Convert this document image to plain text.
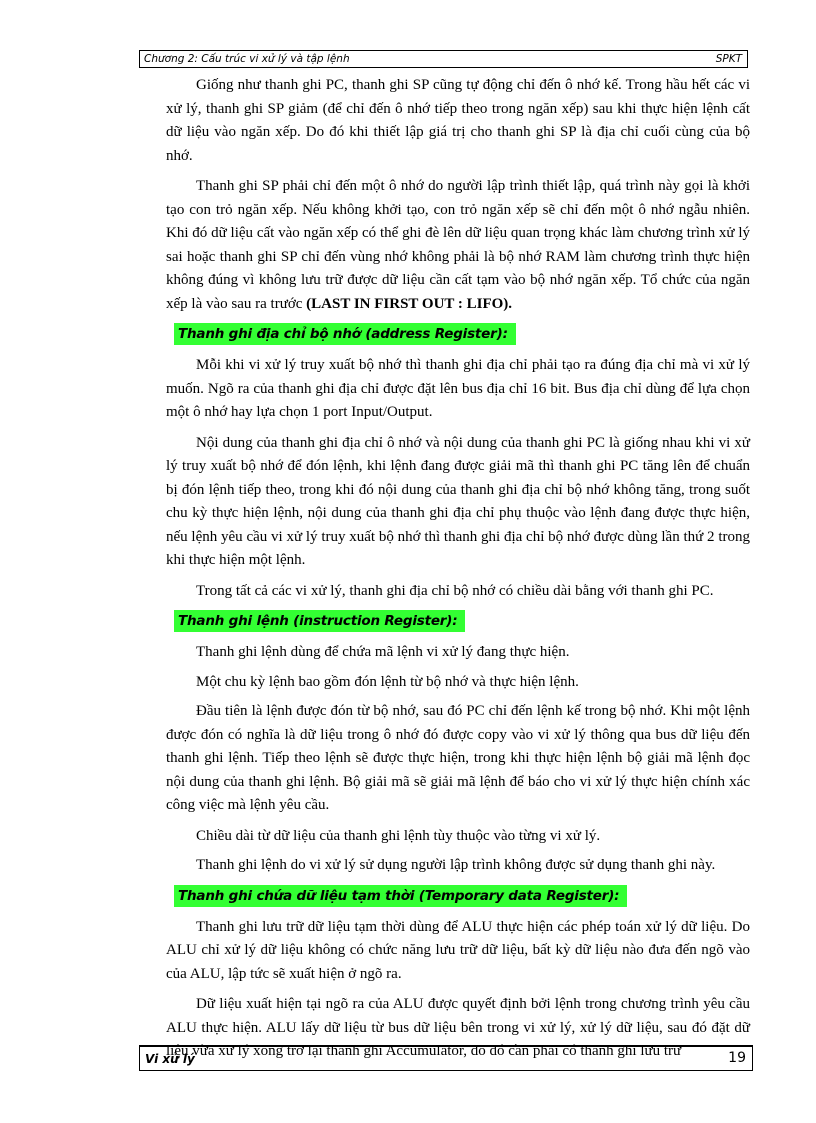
Chương 2: Cấu trúc vi xử lý và tập lệnh	SPKT

Giống như thanh ghi PC, thanh ghi SP cũng tự động chỉ đến ô nhớ kế. Trong hầu hết các vi xử lý, thanh ghi SP giảm (để chỉ đến ô nhớ tiếp theo trong ngăn xếp) sau khi thực hiện lệnh cất dữ liệu vào ngăn xếp. Do đó khi thiết lập giá trị cho thanh ghi SP là địa chỉ cuối cùng của bộ nhớ.

Thanh ghi SP phải chỉ đến một ô nhớ do người lập trình thiết lập, quá trình này gọi là khởi tạo con trỏ ngăn xếp. Nếu không khởi tạo, con trỏ ngăn xếp sẽ chỉ đến một ô nhớ ngẫu nhiên. Khi đó dữ liệu cất vào ngăn xếp có thể ghi đè lên dữ liệu quan trọng khác làm chương trình xử lý sai hoặc thanh ghi SP chỉ đến vùng nhớ không phải là bộ nhớ RAM làm chương trình thực hiện không đúng vì không lưu trữ được dữ liệu cần cất tạm vào bộ nhớ ngăn xếp. Tổ chức của ngăn xếp là vào sau ra trước (LAST IN FIRST OUT : LIFO).

Thanh ghi địa chỉ bộ nhớ (address Register):

Mỗi khi vi xử lý truy xuất bộ nhớ thì thanh ghi địa chỉ phải tạo ra đúng địa chỉ mà vi xử lý muốn. Ngõ ra của thanh ghi địa chỉ được đặt lên bus địa chỉ 16 bit. Bus địa chỉ dùng để lựa chọn một ô nhớ hay lựa chọn 1 port Input/Output.

Nội dung của thanh ghi địa chỉ ô nhớ và nội dung của thanh ghi PC là giống nhau khi vi xử lý truy xuất bộ nhớ để đón lệnh, khi lệnh đang được giải mã thì thanh ghi PC tăng lên để chuẩn bị đón lệnh tiếp theo, trong khi đó nội dung của thanh ghi địa chỉ bộ nhớ không tăng, trong suốt chu kỳ thực hiện lệnh, nội dung của thanh ghi địa chỉ phụ thuộc vào lệnh đang được thực hiện, nếu lệnh yêu cầu vi xử lý truy xuất bộ nhớ thì thanh ghi địa chỉ bộ nhớ được dùng lần thứ 2 trong khi thực hiện một lệnh.

Trong tất cả các vi xử lý, thanh ghi địa chỉ bộ nhớ có chiều dài bằng với thanh ghi PC.

Thanh ghi lệnh (instruction Register):

Thanh ghi lệnh dùng để chứa mã lệnh vi xử lý đang thực hiện.

Một chu kỳ lệnh bao gồm đón lệnh từ bộ nhớ và thực hiện lệnh.

Đầu tiên là lệnh được đón từ bộ nhớ, sau đó PC chỉ đến lệnh kế trong bộ nhớ. Khi một lệnh được đón có nghĩa là dữ liệu trong ô nhớ đó được copy vào vi xử lý thông qua bus dữ liệu đến thanh ghi lệnh. Tiếp theo lệnh sẽ được thực hiện, trong khi thực hiện lệnh bộ giải mã lệnh đọc nội dung của thanh ghi lệnh. Bộ giải mã sẽ giải mã lệnh để báo cho vi xử lý thực hiện chính xác công việc mà lệnh yêu cầu.

Chiều dài từ dữ liệu của thanh ghi lệnh tùy thuộc vào từng vi xử lý.

Thanh ghi lệnh do vi xử lý sử dụng người lập trình không được sử dụng thanh ghi này.

Thanh ghi chứa dữ liệu tạm thời (Temporary data Register):

Thanh ghi lưu trữ dữ liệu tạm thời dùng để ALU thực hiện các phép toán xử lý dữ liệu. Do ALU chỉ xử lý dữ liệu không có chức năng lưu trữ dữ liệu, bất kỳ dữ liệu nào đưa đến ngõ vào của ALU, lập tức sẽ xuất hiện ở ngõ ra.

Dữ liệu xuất hiện tại ngõ ra của ALU được quyết định bởi lệnh trong chương trình yêu cầu ALU thực hiện. ALU lấy dữ liệu từ bus dữ liệu bên trong vi xử lý, xử lý dữ liệu, sau đó đặt dữ liệu vừa xử lý xong trở lại thanh ghi Accumulator, do đó cần phải có thanh ghi lưu trữ

Vi xử lý	19
